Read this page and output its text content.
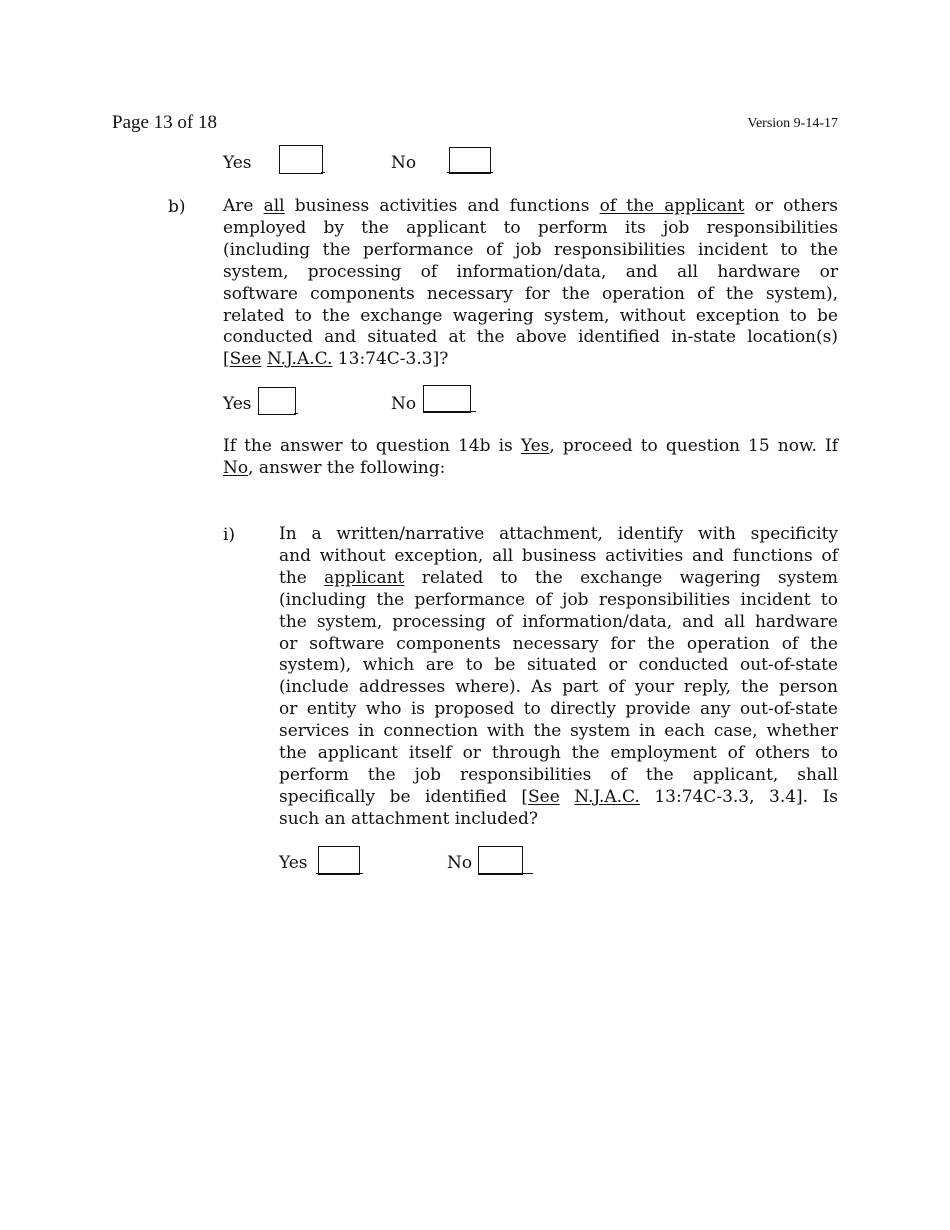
Page 13 of 18	Version 9-14-17
Yes	No
b) Are all business activities and functions of the applicant or others
employed by the applicant to perform its job responsibilities
(including the performance of job responsibilities incident to the
system, processing of information/data, and all hardware or
software components necessary for the operation of the system),
related to the exchange wagering system, without exception to be
conducted and situated at the above identified in-state location(s)
[See N.J.A.C. 13:74C-3.3]?
Yes	No
If the answer to question 14b is Yes, proceed to question 15 now. If
No, answer the following:
i)	In a written/narrative attachment, identify with specificity
and without exception, all business activities and functions of
the applicant related to the exchange wagering system
(including the performance of job responsibilities incident to
the system, processing of information/data, and all hardware
or software components necessary for the operation of the
system), which are to be situated or conducted out-of-state
(include addresses where). As part of your reply, the person
or entity who is proposed to directly provide any out-of-state
services in connection with the system in each case, whether
the applicant itself or through the employment of others to
perform the job responsibilities of the applicant, shall
specifically be identified [See N.J.A.C. 13:74C-3.3, 3.4]. Is
such an attachment included?
Yes	No
